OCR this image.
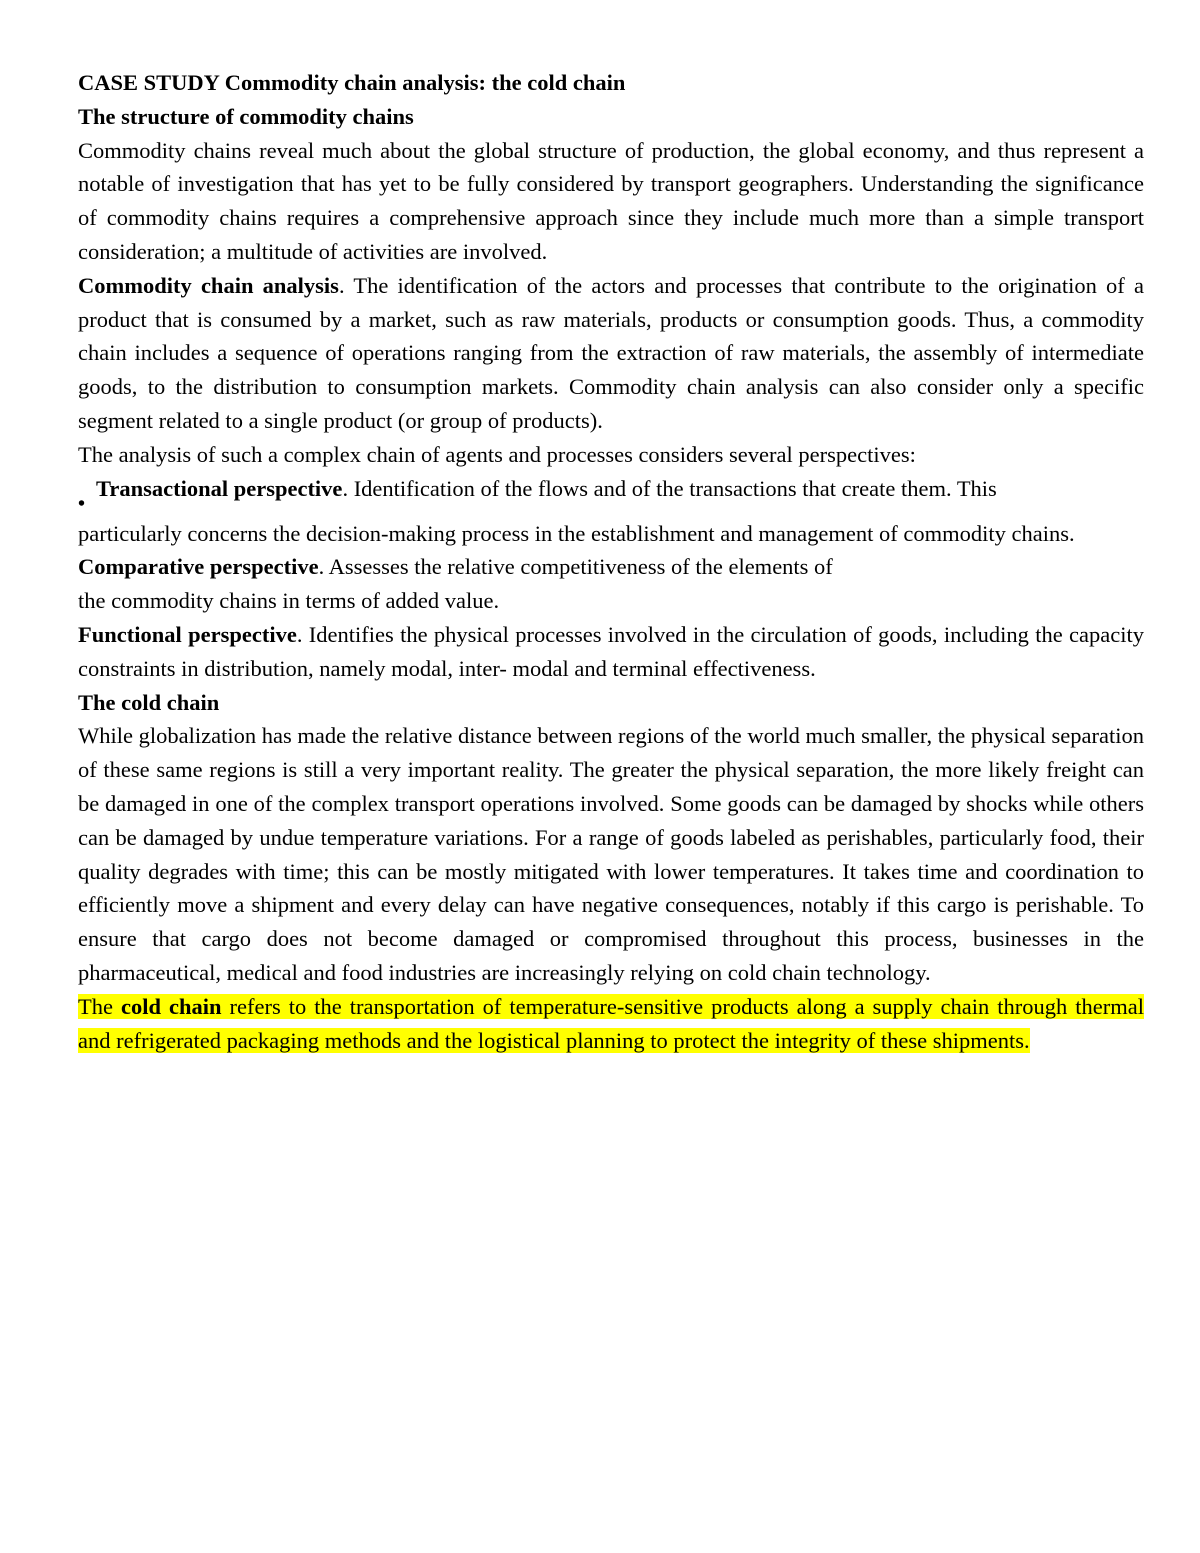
CASE STUDY Commodity chain analysis: the cold chain

The structure of commodity chains

Commodity chains reveal much about the global structure of production, the global economy, and thus represent a notable of investigation that has yet to be fully considered by transport geographers. Understanding the significance of commodity chains requires a comprehensive approach since they include much more than a simple transport consideration; a multitude of activities are involved.

Commodity chain analysis. The identification of the actors and processes that contribute to the origination of a product that is consumed by a market, such as raw materials, products or consumption goods. Thus, a commodity chain includes a sequence of operations ranging from the extraction of raw materials, the assembly of intermediate goods, to the distribution to consumption markets. Commodity chain analysis can also consider only a specific segment related to a single product (or group of products).

The analysis of such a complex chain of agents and processes considers several perspectives:

•
Transactional perspective. Identification of the flows and of the transactions that create them. This

particularly concerns the decision-making process in the establishment and management of commodity chains.

Comparative perspective. Assesses the relative competitiveness of the elements of

the commodity chains in terms of added value.

Functional perspective. Identifies the physical processes involved in the circulation of goods, including the capacity constraints in distribution, namely modal, inter- modal and terminal effectiveness.

The cold chain

While globalization has made the relative distance between regions of the world much smaller, the physical separation of these same regions is still a very important reality. The greater the physical separation, the more likely freight can be damaged in one of the complex transport operations involved. Some goods can be damaged by shocks while others can be damaged by undue temperature variations. For a range of goods labeled as perishables, particularly food, their quality degrades with time; this can be mostly mitigated with lower temperatures. It takes time and coordination to efficiently move a shipment and every delay can have negative consequences, notably if this cargo is perishable. To ensure that cargo does not become damaged or compromised throughout this process, businesses in the pharmaceutical, medical and food industries are increasingly relying on cold chain technology.

The cold chain refers to the transportation of temperature-sensitive products along a supply chain through thermal and refrigerated packaging methods and the logistical planning to protect the integrity of these shipments.
